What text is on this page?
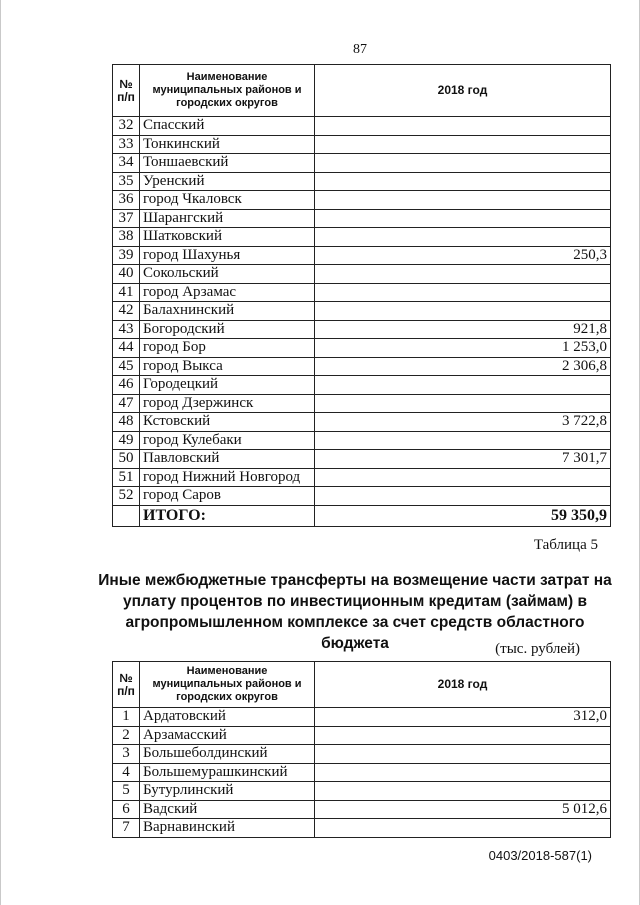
87
№ п/п	Наименование муниципальных районов и городских округов	2018 год
32	Спасский	
33	Тонкинский	
34	Тоншаевский	
35	Уренский	
36	город Чкаловск	
37	Шарангский	
38	Шатковский	
39	город Шахунья	250,3
40	Сокольский	
41	город Арзамас	
42	Балахнинский	
43	Богородский	921,8
44	город Бор	1 253,0
45	город Выкса	2 306,8
46	Городецкий	
47	город Дзержинск	
48	Кстовский	3 722,8
49	город Кулебаки	
50	Павловский	7 301,7
51	город Нижний Новгород	
52	город Саров	
	ИТОГО:	59 350,9
Таблица 5
Иные межбюджетные трансферты на возмещение части затрат на уплату процентов по инвестиционным кредитам (займам) в агропромышленном комплексе за счет средств областного бюджета	(тыс. рублей)
№ п/п	Наименование муниципальных районов и городских округов	2018 год
1	Ардатовский	312,0
2	Арзамасский	
3	Большеболдинский	
4	Большемурашкинский	
5	Бутурлинский	
6	Вадский	5 012,6
7	Варнавинский	
0403/2018-587(1)
